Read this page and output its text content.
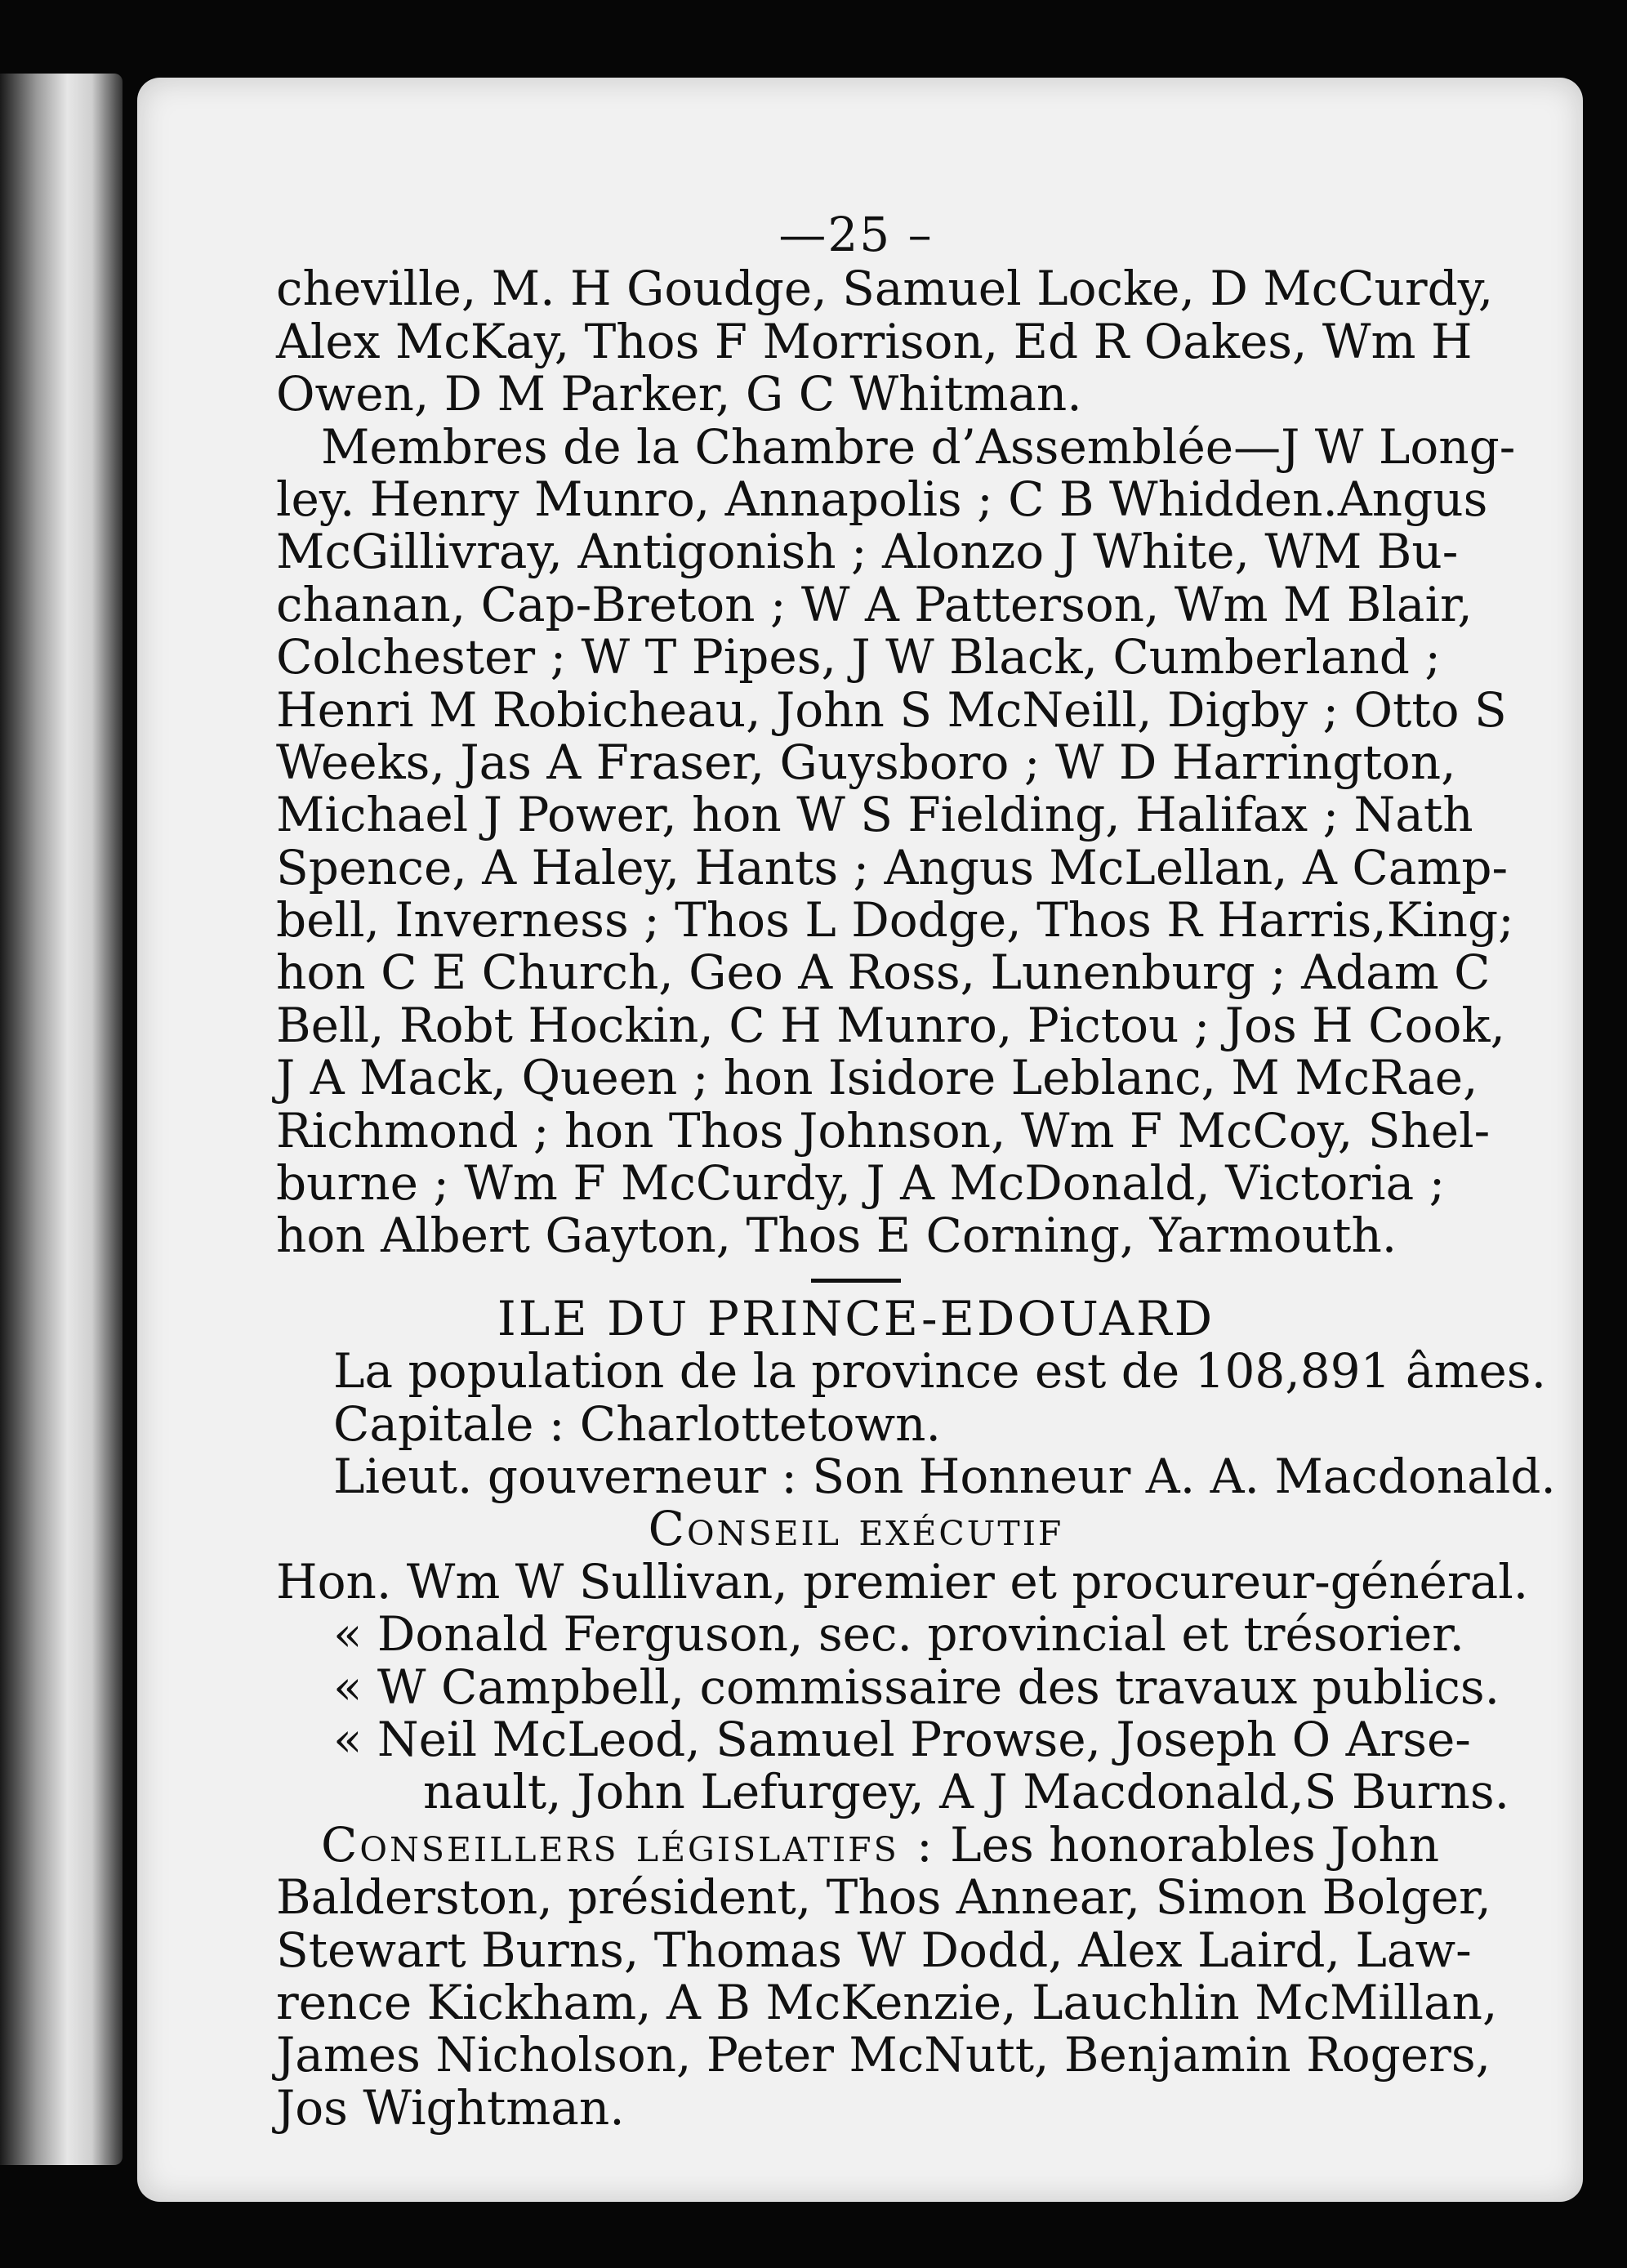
—25 –
cheville, M. H Goudge, Samuel Locke, D McCurdy,
Alex McKay, Thos F Morrison, Ed R Oakes, Wm H
Owen, D M Parker, G C Whitman.
Membres de la Chambre d’Assemblée—J W Long-
ley. Henry Munro, Annapolis ; C B Whidden.Angus
McGillivray, Antigonish ; Alonzo J White, WM Bu-
chanan, Cap-Breton ; W A Patterson, Wm M Blair,
Colchester ; W T Pipes, J W Black, Cumberland ;
Henri M Robicheau, John S McNeill, Digby ; Otto S
Weeks, Jas A Fraser, Guysboro ; W D Harrington,
Michael J Power, hon W S Fielding, Halifax ; Nath
Spence, A Haley, Hants ; Angus McLellan, A Camp-
bell, Inverness ; Thos L Dodge, Thos R Harris,King;
hon C E Church, Geo A Ross, Lunenburg ; Adam C
Bell, Robt Hockin, C H Munro, Pictou ; Jos H Cook,
J A Mack, Queen ; hon Isidore Leblanc, M McRae,
Richmond ; hon Thos Johnson, Wm F McCoy, Shel-
burne ; Wm F McCurdy, J A McDonald, Victoria ;
hon Albert Gayton, Thos E Corning, Yarmouth.
ILE DU PRINCE-EDOUARD
La population de la province est de 108,891 âmes.
Capitale : Charlottetown.
Lieut. gouverneur : Son Honneur A. A. Macdonald.
Conseil exécutif
Hon. Wm W Sullivan, premier et procureur-général.
« Donald Ferguson, sec. provincial et trésorier.
« W Campbell, commissaire des travaux publics.
« Neil McLeod, Samuel Prowse, Joseph O Arse-
nault, John Lefurgey, A J Macdonald,S Burns.
Conseillers législatifs : Les honorables John
Balderston, président, Thos Annear, Simon Bolger,
Stewart Burns, Thomas W Dodd, Alex Laird, Law-
rence Kickham, A B McKenzie, Lauchlin McMillan,
James Nicholson, Peter McNutt, Benjamin Rogers,
Jos Wightman.
